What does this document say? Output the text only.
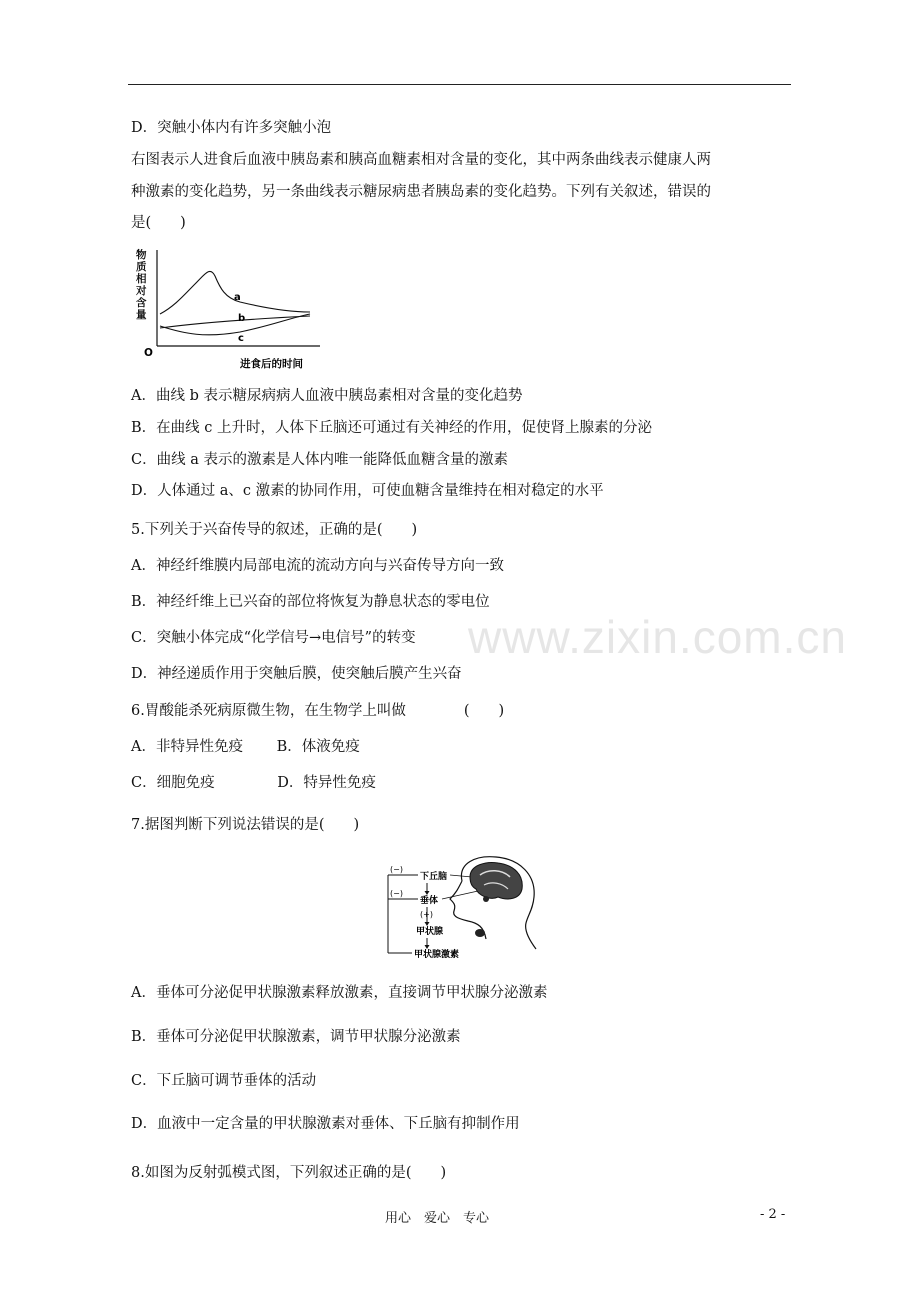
www.zixin.com.cn
D．突触小体内有许多突触小泡
右图表示人进食后血液中胰岛素和胰高血糖素相对含量的变化，其中两条曲线表示健康人两
种激素的变化趋势，另一条曲线表示糖尿病患者胰岛素的变化趋势。下列有关叙述，错误的
是(　　)
物
质
相
对
含
量
O
进食后的时间
a
b
c
A．曲线 b 表示糖尿病病人血液中胰岛素相对含量的变化趋势
B．在曲线 c 上升时，人体下丘脑还可通过有关神经的作用，促使肾上腺素的分泌
C．曲线 a 表示的激素是人体内唯一能降低血糖含量的激素
D．人体通过 a、c 激素的协同作用，可使血糖含量维持在相对稳定的水平
5.下列关于兴奋传导的叙述，正确的是(　　)
A．神经纤维膜内局部电流的流动方向与兴奋传导方向一致
B．神经纤维上已兴奋的部位将恢复为静息状态的零电位
C．突触小体完成“化学信号→电信号”的转变
D．神经递质作用于突触后膜，使突触后膜产生兴奋
6.胃酸能杀死病原微生物，在生物学上叫做　　　　(　　)
A．非特异性免疫　　 B．体液免疫
C．细胞免疫　　　　 D．特异性免疫
7.据图判断下列说法错误的是(　　)
(−)
(−)
下丘脑
垂体
(+)
甲状腺
甲状腺激素
A．垂体可分泌促甲状腺激素释放激素，直接调节甲状腺分泌激素
B．垂体可分泌促甲状腺激素，调节甲状腺分泌激素
C．下丘脑可调节垂体的活动
D．血液中一定含量的甲状腺激素对垂体、下丘脑有抑制作用
8.如图为反射弧模式图，下列叙述正确的是(　　)
用心　爱心　专心	- 2 -
